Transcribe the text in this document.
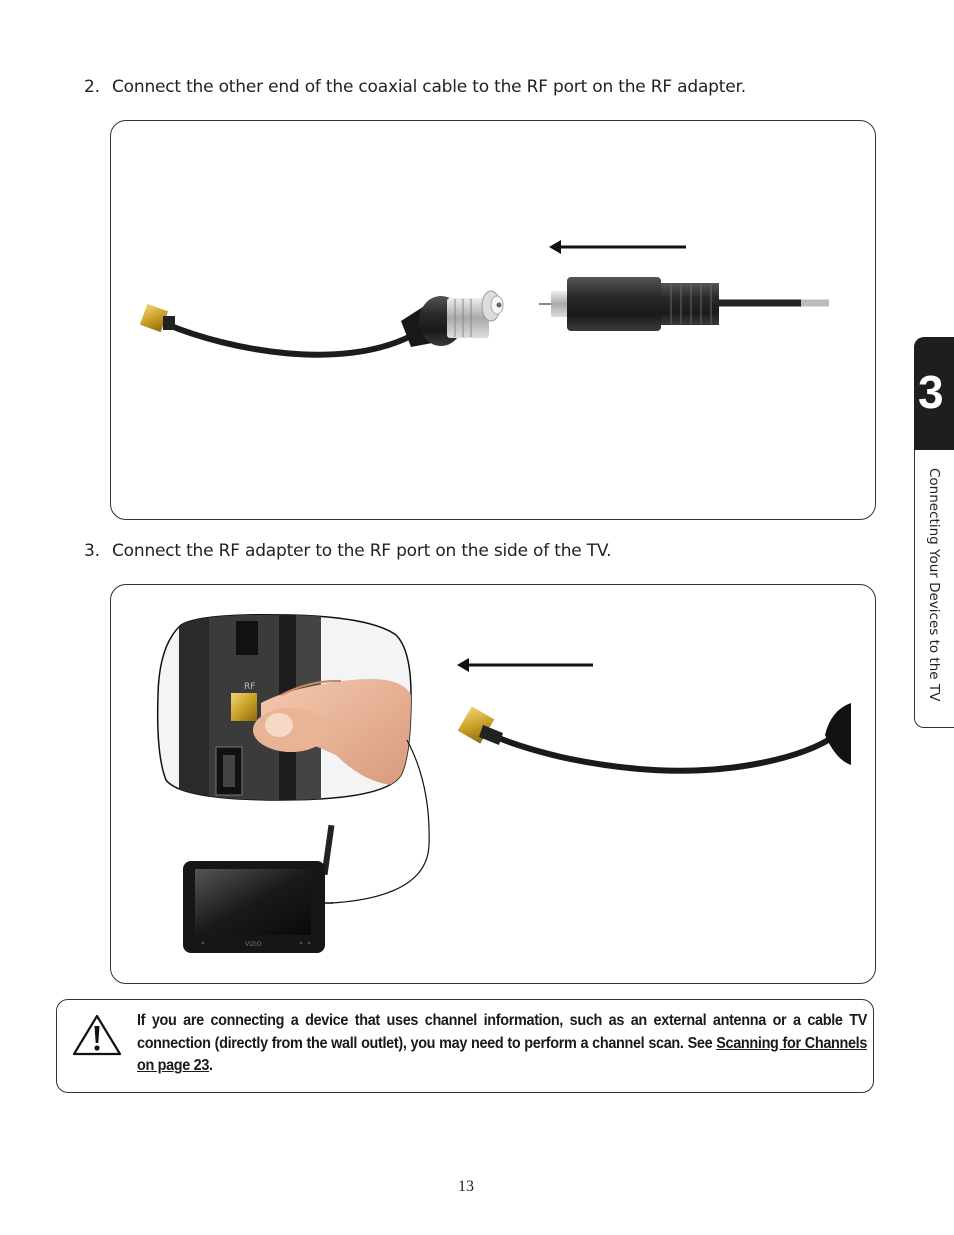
2. Connect the other end of the coaxial cable to the RF port on the RF adapter.
3. Connect the RF adapter to the RF port on the side of the TV.
RF
VIZIO
3
Connecting Your Devices to the TV
If you are connecting a device that uses channel information, such as an external antenna or a cable TV connection (directly from the wall outlet), you may need to perform a channel scan. See Scanning for Channels on page 23.
13
